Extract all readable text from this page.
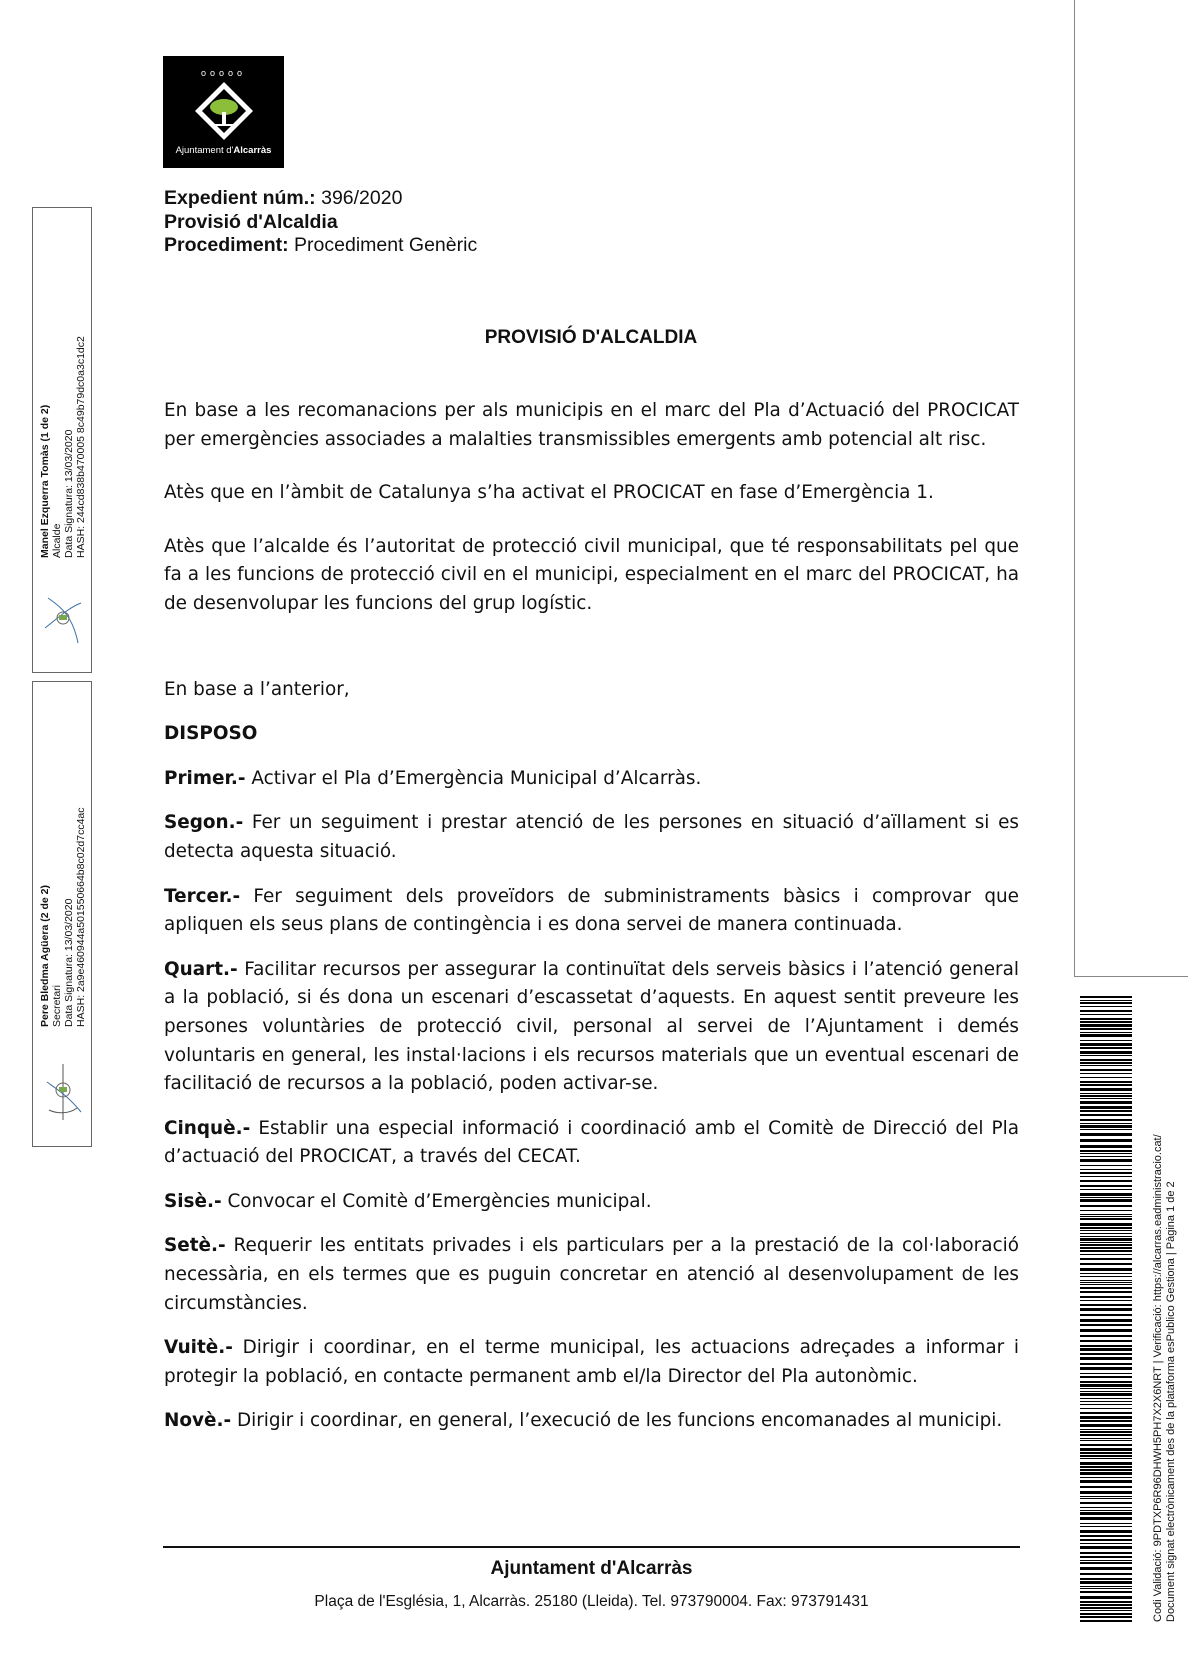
ooooo
Ajuntament d'Alcarràs
Expedient núm.: 396/2020
Provisió d'Alcaldia
Procediment: Procediment Genèric
PROVISIÓ D'ALCALDIA

En base a les recomanacions per als municipis en el marc del Pla d’Actuació del PROCICAT per emergències associades a malalties transmissibles emergents amb potencial alt risc.

Atès que en l’àmbit de Catalunya s’ha activat el PROCICAT en fase d’Emergència 1.

Atès que l’alcalde és l’autoritat de protecció civil municipal, que té responsabilitats pel que fa a les funcions de protecció civil en el municipi, especialment en el marc del PROCICAT, ha de desenvolupar les funcions del grup logístic.

En base a l’anterior,

DISPOSO

Primer.- Activar el Pla d’Emergència Municipal d’Alcarràs.

Segon.- Fer un seguiment i prestar atenció de les persones en situació d’aïllament si es detecta aquesta situació.

Tercer.- Fer seguiment dels proveïdors de subministraments bàsics i comprovar que apliquen els seus plans de contingència i es dona servei de manera continuada.

Quart.- Facilitar recursos per assegurar la continuïtat dels serveis bàsics i l’atenció general a la població, si és dona un escenari d’escassetat d’aquests. En aquest sentit preveure les persones voluntàries de protecció civil, personal al servei de l’Ajuntament i demés voluntaris en general, les instal·lacions i els recursos materials que un eventual escenari de facilitació de recursos a la població, poden activar-se.

Cinquè.- Establir una especial informació i coordinació amb el Comitè de Direcció del Pla d’actuació del PROCICAT, a través del CECAT.

Sisè.- Convocar el Comitè d’Emergències municipal.

Setè.- Requerir les entitats privades i els particulars per a la prestació de la col·laboració necessària, en els termes que es puguin concretar en atenció al desenvolupament de les circumstàncies.

Vuitè.- Dirigir i coordinar, en el terme municipal, les actuacions adreçades a informar i protegir la població, en contacte permanent amb el/la Director del Pla autonòmic.

Novè.- Dirigir i coordinar, en general, l’execució de les funcions encomanades al municipi.

Ajuntament d'Alcarràs
Plaça de l'Església, 1, Alcarràs. 25180 (Lleida). Tel. 973790004. Fax: 973791431
Manel Ezquerra Tomàs (1 de 2) Alcalde Data Signatura: 13/03/2020 HASH: 244cd838b470005 8c49b79dc0a3c1dc2
Pere Bledma Agüera (2 de 2) Secretari Data Signatura: 13/03/2020 HASH: 2a9e460944a501550664b8c02d7cc4ac
Codi Validació: 9PDTXP6R96DHWH5PH7X2X6NRT | Verificació: https://alcarras.eadministracio.cat/ Document signat electrònicament des de la plataforma esPublico Gestiona | Pàgina 1 de 2
